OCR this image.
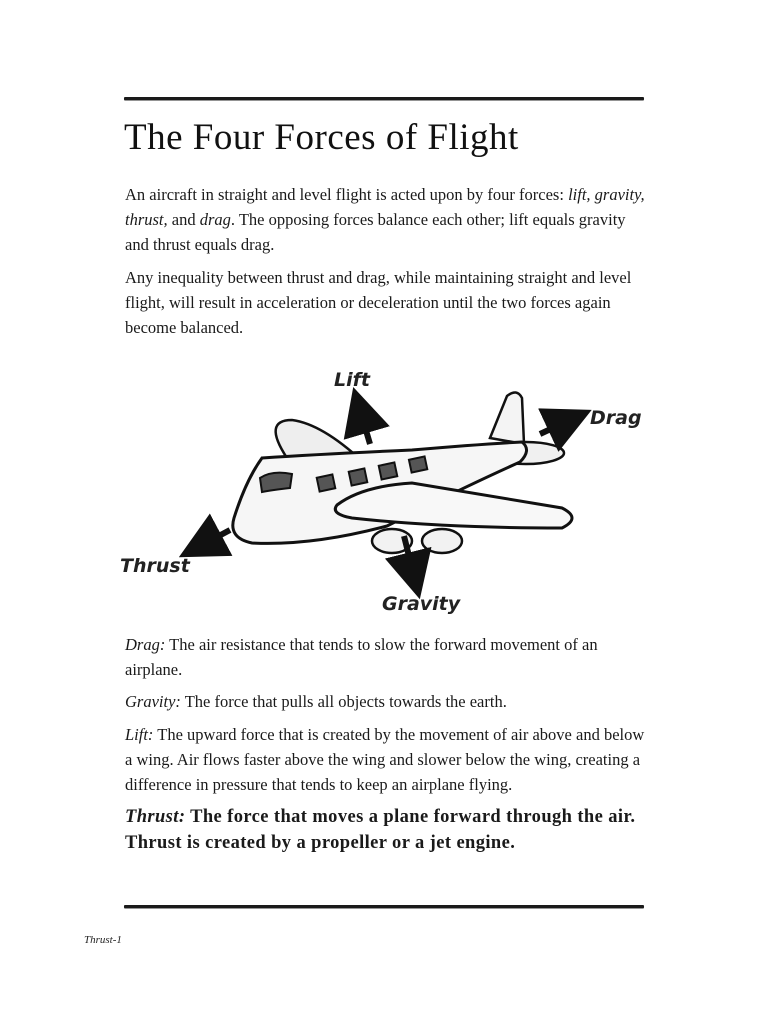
The Four Forces of Flight

An aircraft in straight and level flight is acted upon by four forces: lift, gravity, thrust, and drag. The opposing forces balance each other; lift equals gravity and thrust equals drag.

Any inequality between thrust and drag, while maintaining straight and level flight, will result in acceleration or deceleration until the two forces again become balanced.

Lift
Drag
Thrust
Gravity

Drag: The air resistance that tends to slow the forward movement of an airplane.

Gravity: The force that pulls all objects towards the earth.

Lift: The upward force that is created by the movement of air above and below a wing. Air flows faster above the wing and slower below the wing, creating a difference in pressure that tends to keep an airplane flying.

Thrust: The force that moves a plane forward through the air. Thrust is created by a propeller or a jet engine.

Thrust-1
